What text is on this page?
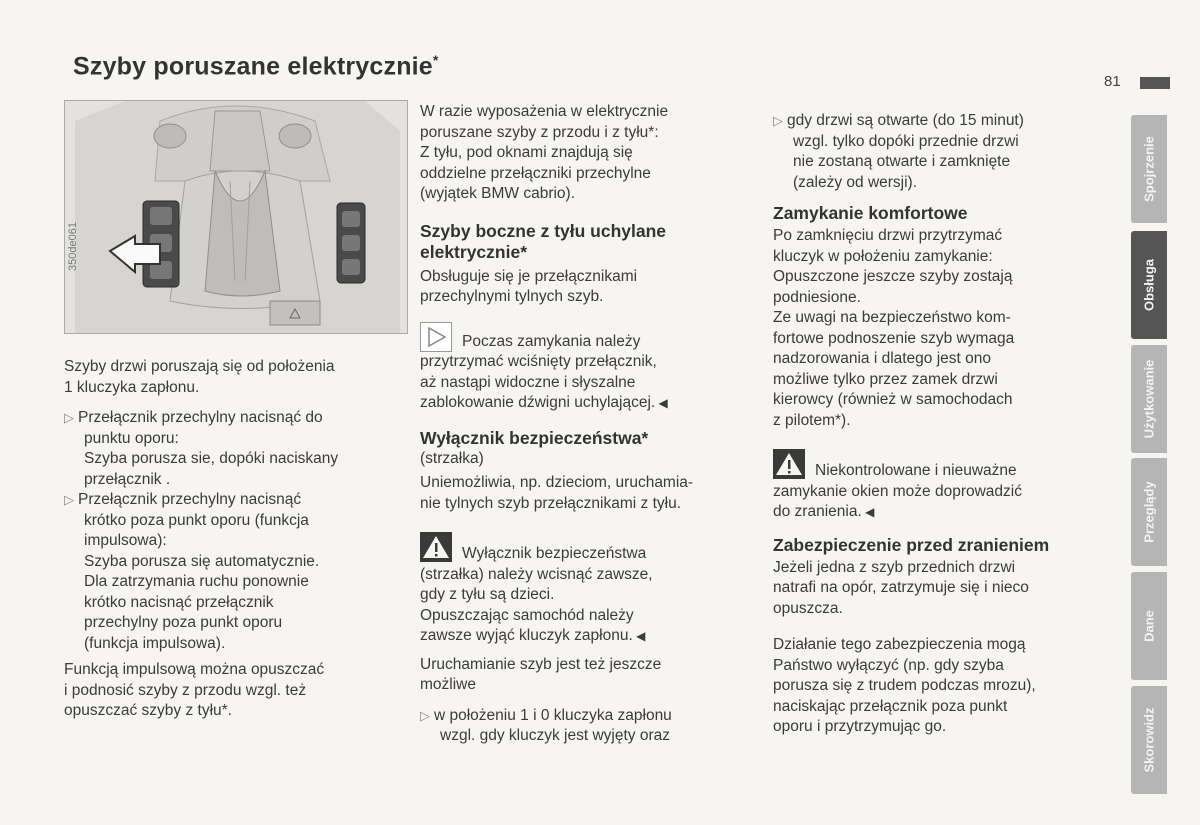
Szyby poruszane elektrycznie*
81
Spojrzenie
Obsługa
Użytkowanie
Przeglądy
Dane
Skorowidz
350de061

Szyby drzwi poruszają się od położenia
1 kluczyka zapłonu.

▷ Przełącznik przechylny nacisnąć do
punktu oporu:
Szyba porusza sie, dopóki naciskany
przełącznik .
▷ Przełącznik przechylny nacisnąć
krótko poza punkt oporu (funkcja
impulsowa):
Szyba porusza się automatycznie.
Dla zatrzymania ruchu ponownie
krótko nacisnąć przełącznik
przechylny poza punkt oporu
(funkcja impulsowa).

Funkcją impulsową można opuszczać
i podnosić szyby z przodu wzgl. też
opuszczać szyby z tyłu*.

W razie wyposażenia w elektrycznie
poruszane szyby z przodu i z tyłu*:
Z tyłu, pod oknami znajdują się
oddzielne przełączniki przechylne
(wyjątek BMW cabrio).

Szyby boczne z tyłu uchylane
elektrycznie*

Obsługuje się je przełącznikami
przechylnymi tylnych szyb.

Poczas zamykania należy
przytrzymać wciśnięty przełącznik,
aż nastąpi widoczne i słyszalne
zablokowanie dźwigni uchylającej. ◀

Wyłącznik bezpieczeństwa*

(strzałka)

Uniemożliwia, np. dzieciom, uruchamia-
nie tylnych szyb przełącznikami z tyłu.

Wyłącznik bezpieczeństwa
(strzałka) należy wcisnąć zawsze,
gdy z tyłu są dzieci.
Opuszczając samochód należy
zawsze wyjąć kluczyk zapłonu. ◀

Uruchamianie szyb jest też jeszcze
możliwe

▷ w położeniu 1 i 0 kluczyka zapłonu
wzgl. gdy kluczyk jest wyjęty oraz
▷ gdy drzwi są otwarte (do 15 minut)
wzgl. tylko dopóki przednie drzwi
nie zostaną otwarte i zamknięte
(zależy od wersji).

Zamykanie komfortowe

Po zamknięciu drzwi przytrzymać
kluczyk w położeniu zamykanie:
Opuszczone jeszcze szyby zostają
podniesione.
Ze uwagi na bezpieczeństwo kom-
fortowe podnoszenie szyb wymaga
nadzorowania i dlatego jest ono
możliwe tylko przez zamek drzwi
kierowcy (również w samochodach
z pilotem*).

Niekontrolowane i nieuważne
zamykanie okien może doprowadzić
do zranienia. ◀

Zabezpieczenie przed zranieniem

Jeżeli jedna z szyb przednich drzwi
natrafi na opór, zatrzymuje się i nieco
opuszcza.

Działanie tego zabezpieczenia mogą
Państwo wyłączyć (np. gdy szyba
porusza się z trudem podczas mrozu),
naciskając przełącznik poza punkt
oporu i przytrzymując go.
